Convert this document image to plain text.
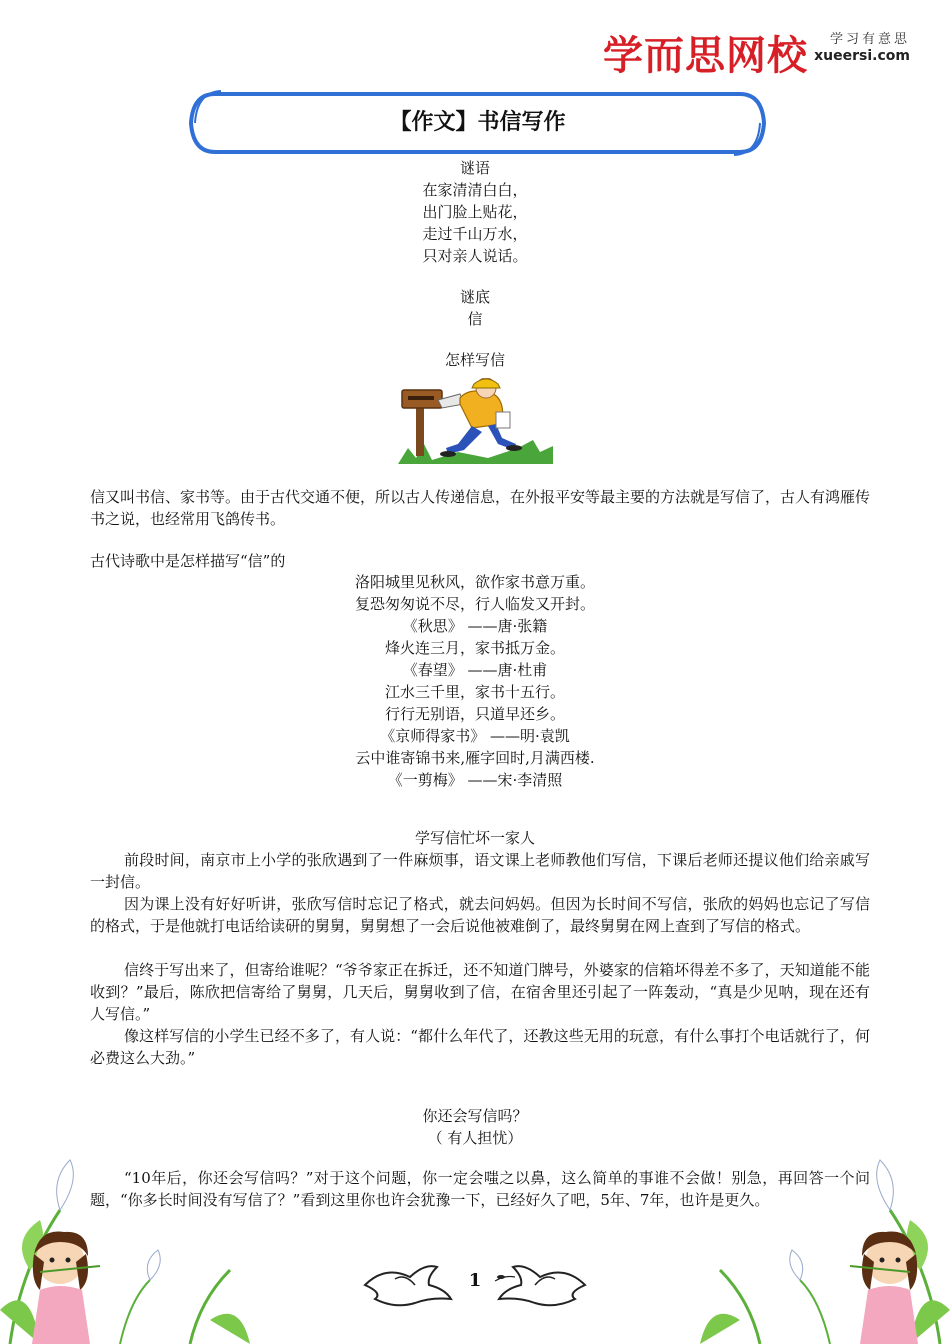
学而思网校 学习有意思
xueersi.com
【作文】书信写作
谜语
在家清清白白，
出门脸上贴花，
走过千山万水，
只对亲人说话。
谜底
信
怎样写信
信又叫书信、家书等。由于古代交通不便，所以古人传递信息，在外报平安等最主要的方法就是写信了，古人有鸿雁传书之说，也经常用飞鸽传书。
古代诗歌中是怎样描写“信”的
洛阳城里见秋风，欲作家书意万重。
复恐匆匆说不尽，行人临发又开封。
《秋思》 ——唐·张籍
烽火连三月，家书抵万金。
《春望》 ——唐·杜甫
江水三千里，家书十五行。
行行无别语，只道早还乡。
《京师得家书》 ——明·袁凯
云中谁寄锦书来,雁字回时,月满西楼.
《一剪梅》 ——宋·李清照
学写信忙坏一家人
前段时间，南京市上小学的张欣遇到了一件麻烦事，语文课上老师教他们写信，下课后老师还提议他们给亲戚写一封信。
因为课上没有好好听讲，张欣写信时忘记了格式，就去问妈妈。但因为长时间不写信，张欣的妈妈也忘记了写信的格式，于是他就打电话给读研的舅舅，舅舅想了一会后说他被难倒了，最终舅舅在网上查到了写信的格式。
信终于写出来了，但寄给谁呢？“爷爷家正在拆迁，还不知道门牌号，外婆家的信箱坏得差不多了，天知道能不能收到？”最后，陈欣把信寄给了舅舅，几天后，舅舅收到了信，在宿舍里还引起了一阵轰动，“真是少见呐，现在还有人写信。”
像这样写信的小学生已经不多了，有人说：“都什么年代了，还教这些无用的玩意，有什么事打个电话就行了，何必费这么大劲。”
你还会写信吗？
（ 有人担忧）
“10年后，你还会写信吗？”对于这个问题，你一定会嗤之以鼻，这么简单的事谁不会做！别急，再回答一个问题，“你多长时间没有写信了？”看到这里你也许会犹豫一下，已经好久了吧，5年、7年，也许是更久。
1
